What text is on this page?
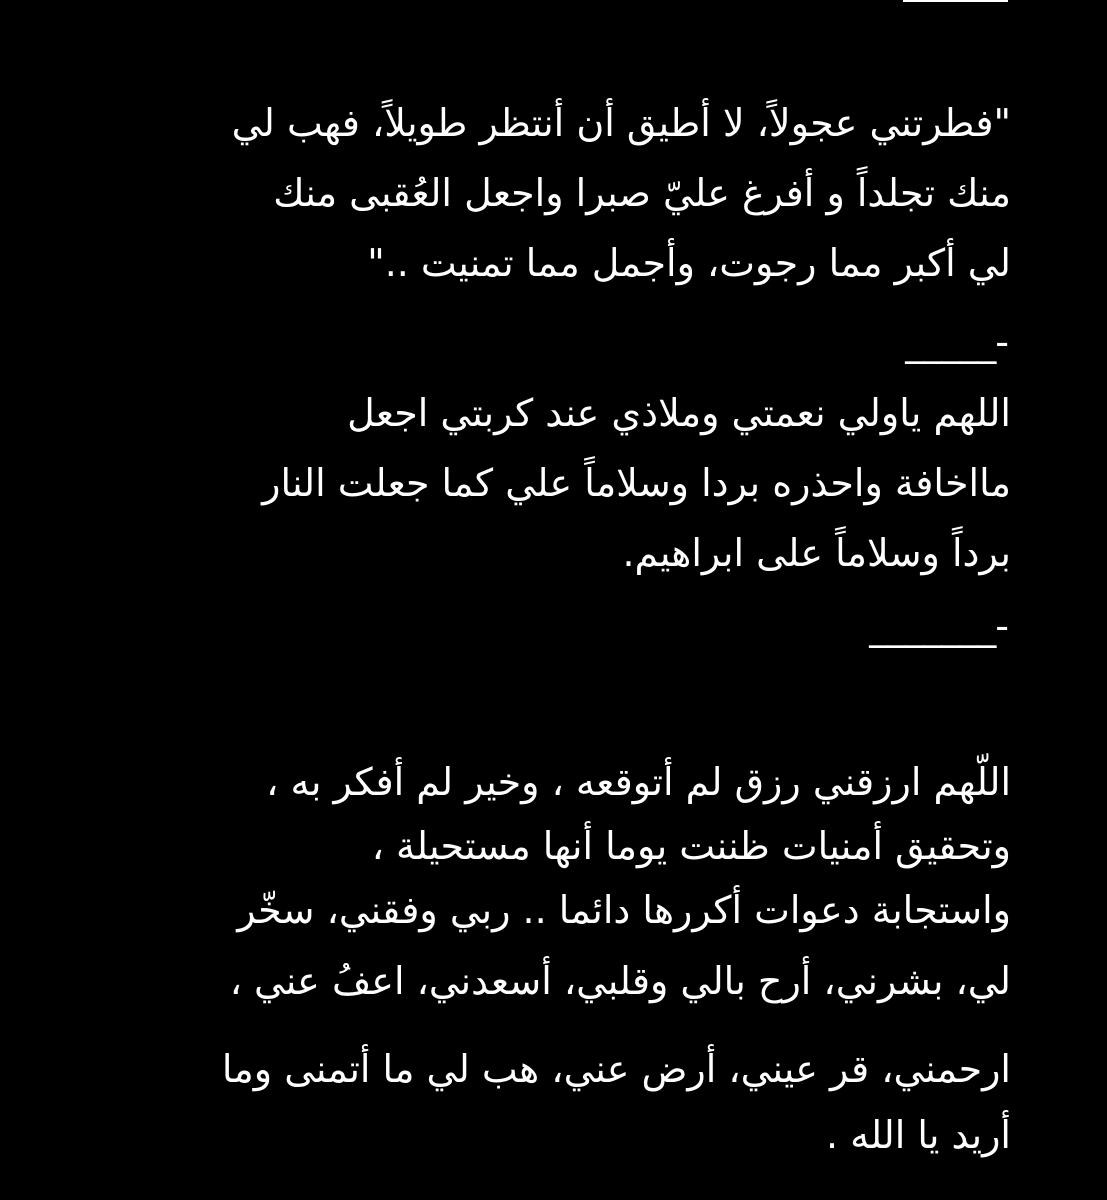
"فطرتني عجولاً، لا أطيق أن أنتظر طويلاً، فهب لي
منك تجلداً و أفرغ عليّ صبرا واجعل العُقبى منك
لي أكبر مما رجوت، وأجمل مما تمنيت .."
_____-
اللهم ياولي نعمتي وملاذي عند كربتي اجعل
مااخافة واحذره بردا وسلاماً علي كما جعلت النار
برداً وسلاماً على ابراهيم.
_______-
اللّهم ارزقني رزق لم أتوقعه ، وخير لم أفكر به ،
وتحقيق أمنيات ظننت يوما أنها مستحيلة ،
واستجابة دعوات أكررها دائما .. ربي وفقني، سخّر
لي، بشرني، أرح بالي وقلبي، أسعدني، اعفُ عني ،
ارحمني، قر عيني، أرض عني، هب لي ما أتمنى وما
أريد يا الله .
